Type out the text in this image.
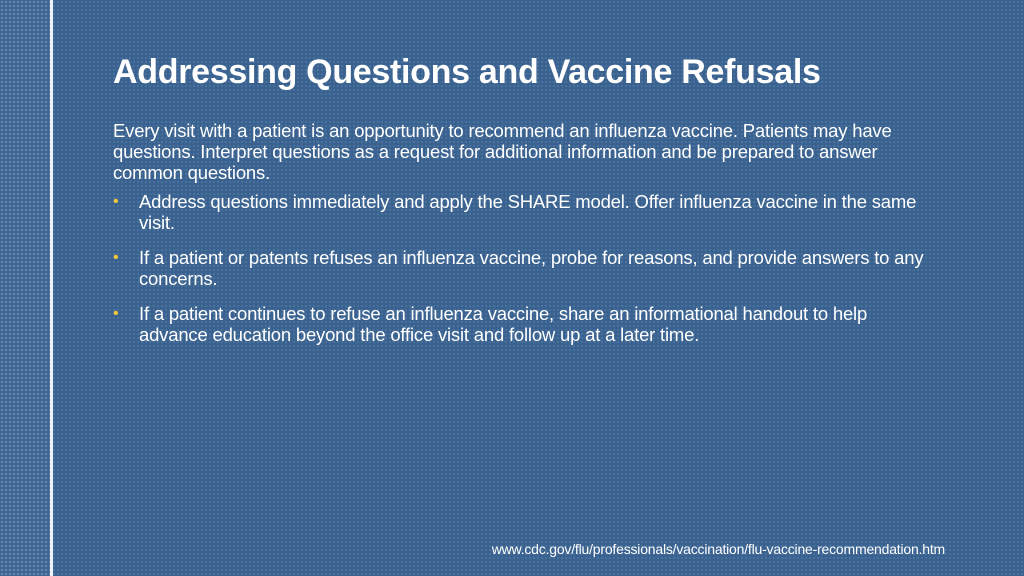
Addressing Questions and Vaccine Refusals

Every visit with a patient is an opportunity to recommend an influenza vaccine. Patients may have questions. Interpret questions as a request for additional information and be prepared to answer common questions.

• Address questions immediately and apply the SHARE model. Offer influenza vaccine in the same visit.
• If a patient or patents refuses an influenza vaccine, probe for reasons, and provide answers to any concerns.
• If a patient continues to refuse an influenza vaccine, share an informational handout to help advance education beyond the office visit and follow up at a later time.
www.cdc.gov/flu/professionals/vaccination/flu-vaccine-recommendation.htm
